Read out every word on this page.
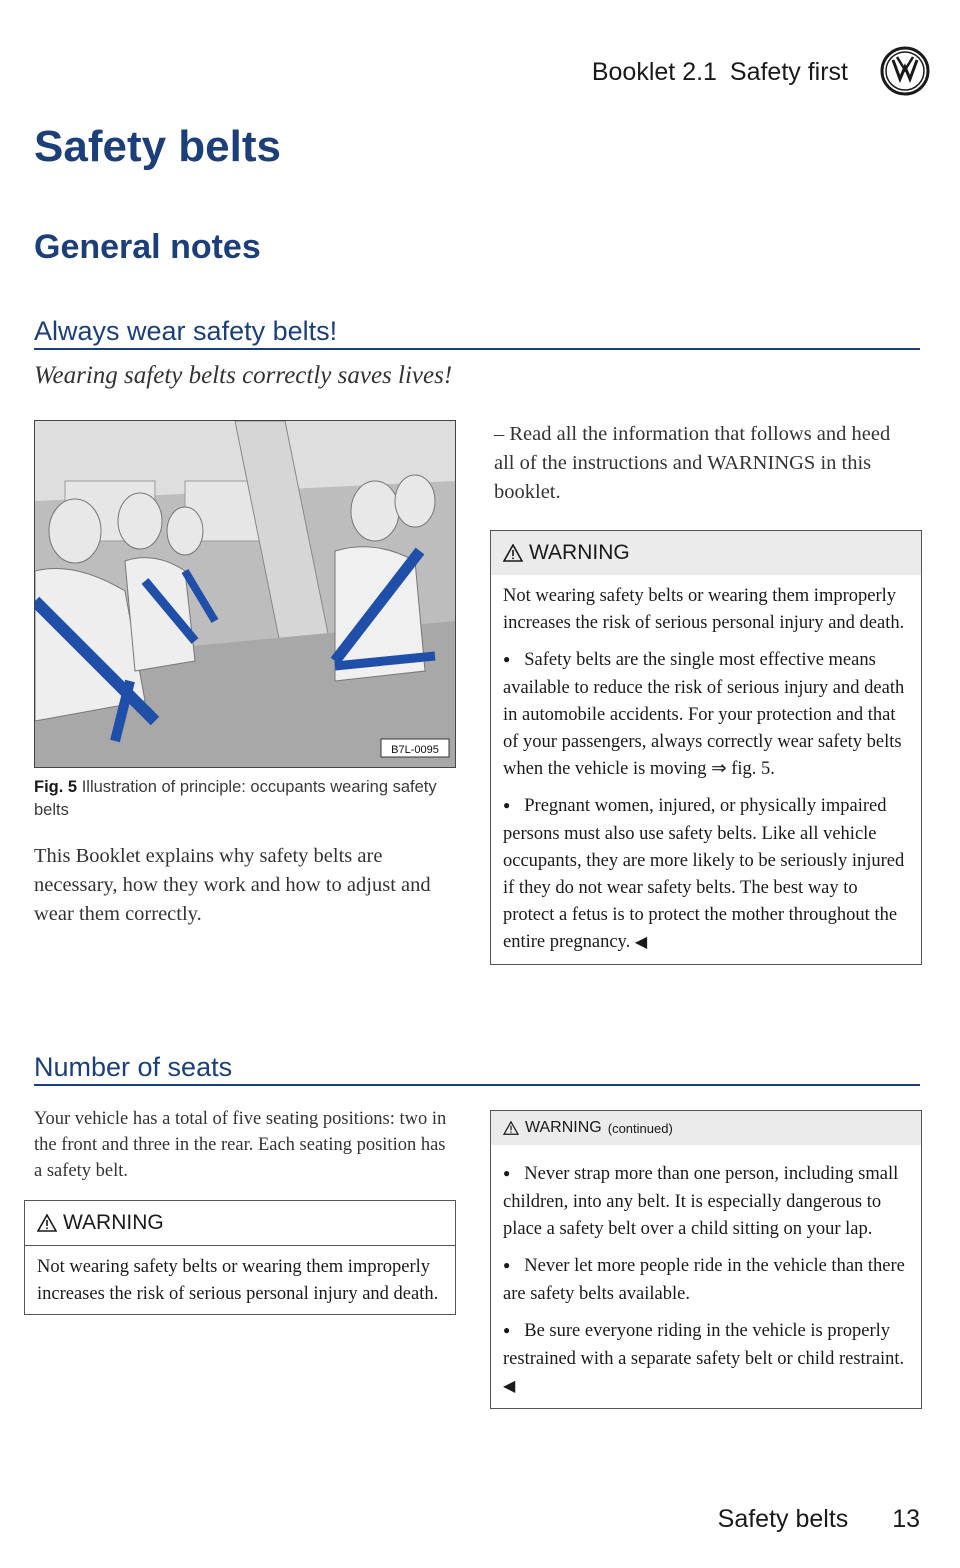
Booklet 2.1 Safety first
Safety belts
General notes
Always wear safety belts!
Wearing safety belts correctly saves lives!
B7L-0095
Fig. 5 Illustration of principle: occupants wearing safety belts
This Booklet explains why safety belts are necessary, how they work and how to adjust and wear them correctly.
– Read all the information that follows and heed all of the instructions and WARNINGS in this booklet.
WARNING

Not wearing safety belts or wearing them improperly increases the risk of serious personal injury and death.

● Safety belts are the single most effective means available to reduce the risk of serious injury and death in automobile accidents. For your protection and that of your passengers, always correctly wear safety belts when the vehicle is moving ⇒ fig. 5.

● Pregnant women, injured, or physically impaired persons must also use safety belts. Like all vehicle occupants, they are more likely to be seriously injured if they do not wear safety belts. The best way to protect a fetus is to protect the mother throughout the entire pregnancy. ◀

Number of seats
Your vehicle has a total of five seating positions: two in the front and three in the rear. Each seating position has a safety belt.
WARNING
Not wearing safety belts or wearing them improperly increases the risk of serious personal injury and death.
WARNING (continued)

● Never strap more than one person, including small children, into any belt. It is especially dangerous to place a safety belt over a child sitting on your lap.

● Never let more people ride in the vehicle than there are safety belts available.

● Be sure everyone riding in the vehicle is properly restrained with a separate safety belt or child restraint. ◀

Safety belts 13
